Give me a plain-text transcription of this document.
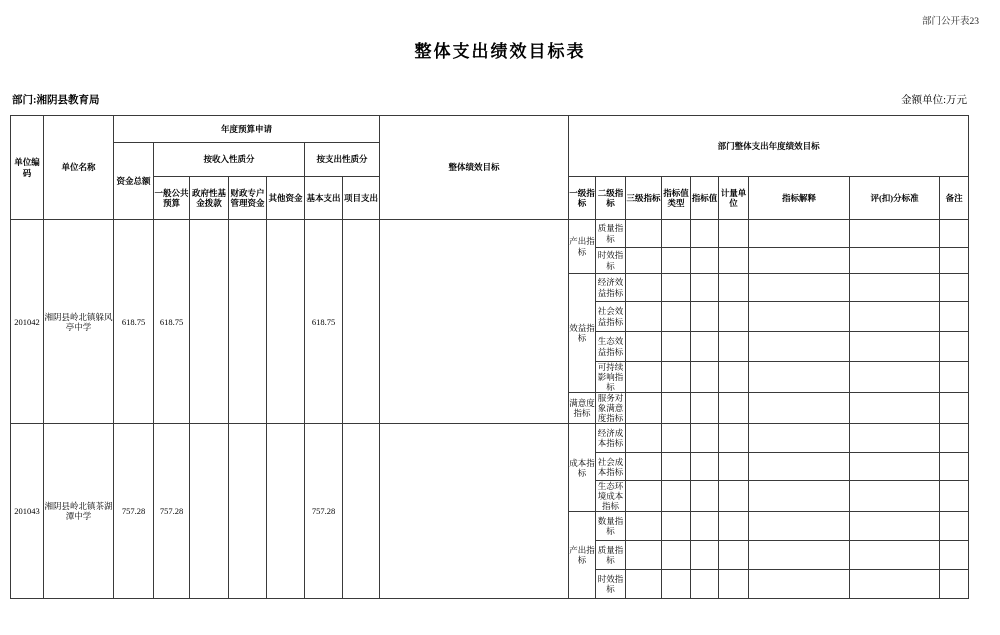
部门公开表23
整体支出绩效目标表
部门:湘阴县教育局	金额单位:万元
单位编码	单位名称	年度预算申请							整体绩效目标	部门整体支出年度绩效目标								
		资金总额	按收入性质分				按支出性质分											
			一般公共预算	政府性基金拨款	财政专户管理资金	其他资金	基本支出	项目支出		一级指标	二级指标	三级指标	指标值类型	指标值	计量单位	指标解释	评(扣)分标准	备注
201042	湘阴县岭北镇躲风亭中学	618.75	618.75				618.75			产出指标	质量指标							
											时效指标							
										效益指标	经济效益指标							
											社会效益指标							
											生态效益指标							
											可持续影响指标							
										满意度指标	服务对象满意度指标							
201043	湘阴县岭北镇茶湖潭中学	757.28	757.28				757.28			成本指标	经济成本指标							
											社会成本指标							
											生态环境成本指标							
										产出指标	数量指标							
											质量指标							
											时效指标							
